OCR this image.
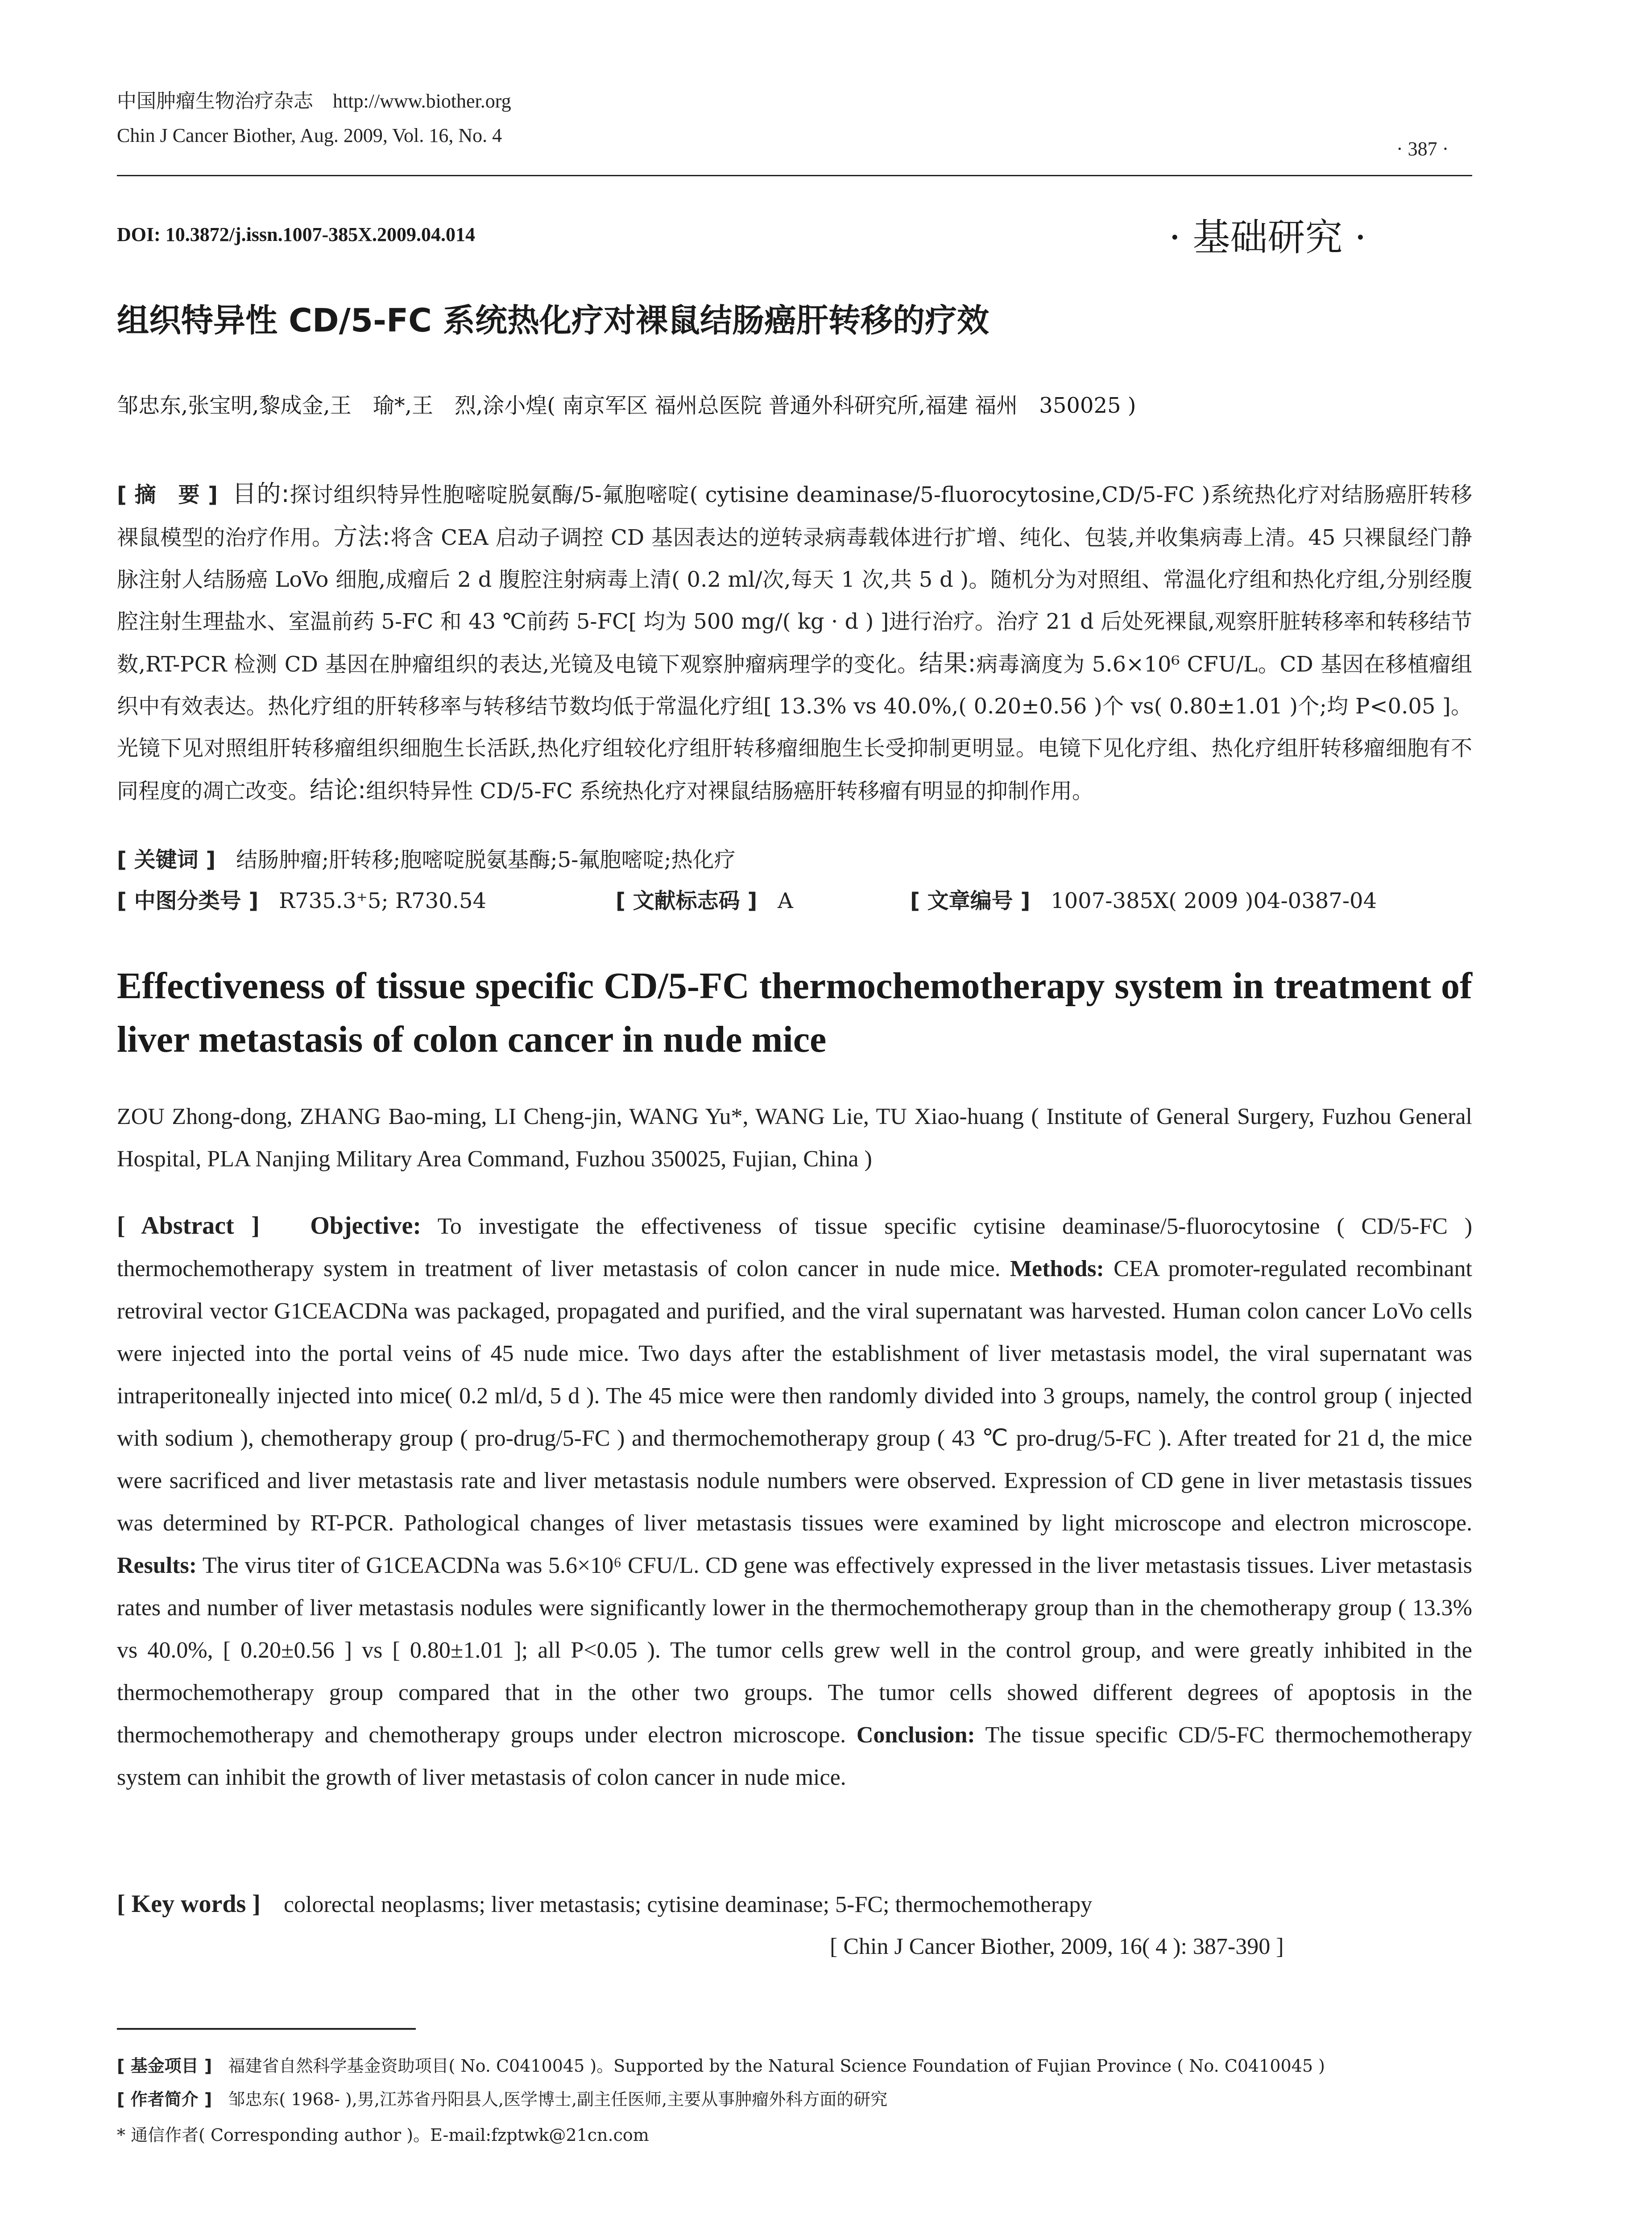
中国肿瘤生物治疗杂志 http://www.biother.org
Chin J Cancer Biother, Aug. 2009, Vol. 16, No. 4
· 387 ·
DOI: 10.3872/j.issn.1007-385X.2009.04.014	· 基础研究 ·
组织特异性 CD/5-FC 系统热化疗对裸鼠结肠癌肝转移的疗效
邹忠东,张宝明,黎成金,王　瑜*,王　烈,涂小煌( 南京军区 福州总医院 普通外科研究所,福建 福州　350025 )
[ 摘　要 ] 目的:探讨组织特异性胞嘧啶脱氨酶/5-氟胞嘧啶( cytisine deaminase/5-fluorocytosine,CD/5-FC )系统热化疗对结肠癌肝转移裸鼠模型的治疗作用。方法:将含 CEA 启动子调控 CD 基因表达的逆转录病毒载体进行扩增、纯化、包装,并收集病毒上清。45 只裸鼠经门静脉注射人结肠癌 LoVo 细胞,成瘤后 2 d 腹腔注射病毒上清( 0.2 ml/次,每天 1 次,共 5 d )。随机分为对照组、常温化疗组和热化疗组,分别经腹腔注射生理盐水、室温前药 5-FC 和 43 ℃前药 5-FC[ 均为 500 mg/( kg · d ) ]进行治疗。治疗 21 d 后处死裸鼠,观察肝脏转移率和转移结节数,RT-PCR 检测 CD 基因在肿瘤组织的表达,光镜及电镜下观察肿瘤病理学的变化。结果:病毒滴度为 5.6×10⁶ CFU/L。CD 基因在移植瘤组织中有效表达。热化疗组的肝转移率与转移结节数均低于常温化疗组[ 13.3% vs 40.0%,( 0.20±0.56 )个 vs( 0.80±1.01 )个;均 P<0.05 ]。光镜下见对照组肝转移瘤组织细胞生长活跃,热化疗组较化疗组肝转移瘤细胞生长受抑制更明显。电镜下见化疗组、热化疗组肝转移瘤细胞有不同程度的凋亡改变。结论:组织特异性 CD/5-FC 系统热化疗对裸鼠结肠癌肝转移瘤有明显的抑制作用。
[ 关键词 ] 结肠肿瘤;肝转移;胞嘧啶脱氨基酶;5-氟胞嘧啶;热化疗
[ 中图分类号 ] R735.3⁺5; R730.54	[ 文献标志码 ] A	[ 文章编号 ] 1007-385X( 2009 )04-0387-04
Effectiveness of tissue specific CD/5-FC thermochemotherapy system in treatment of liver metastasis of colon cancer in nude mice
ZOU Zhong-dong, ZHANG Bao-ming, LI Cheng-jin, WANG Yu*, WANG Lie, TU Xiao-huang ( Institute of General Surgery, Fuzhou General Hospital, PLA Nanjing Military Area Command, Fuzhou 350025, Fujian, China )
[ Abstract ] Objective: To investigate the effectiveness of tissue specific cytisine deaminase/5-fluorocytosine ( CD/5-FC ) thermochemotherapy system in treatment of liver metastasis of colon cancer in nude mice. Methods: CEA promoter-regulated recombinant retroviral vector G1CEACDNa was packaged, propagated and purified, and the viral supernatant was harvested. Human colon cancer LoVo cells were injected into the portal veins of 45 nude mice. Two days after the establishment of liver metastasis model, the viral supernatant was intraperitoneally injected into mice( 0.2 ml/d, 5 d ). The 45 mice were then randomly divided into 3 groups, namely, the control group ( injected with sodium ), chemotherapy group ( pro-drug/5-FC ) and thermochemotherapy group ( 43 ℃ pro-drug/5-FC ). After treated for 21 d, the mice were sacrificed and liver metastasis rate and liver metastasis nodule numbers were observed. Expression of CD gene in liver metastasis tissues was determined by RT-PCR. Pathological changes of liver metastasis tissues were examined by light microscope and electron microscope. Results: The virus titer of G1CEACDNa was 5.6×10⁶ CFU/L. CD gene was effectively expressed in the liver metastasis tissues. Liver metastasis rates and number of liver metastasis nodules were significantly lower in the thermochemotherapy group than in the chemotherapy group ( 13.3% vs 40.0%, [ 0.20±0.56 ] vs [ 0.80±1.01 ]; all P<0.05 ). The tumor cells grew well in the control group, and were greatly inhibited in the thermochemotherapy group compared that in the other two groups. The tumor cells showed different degrees of apoptosis in the thermochemotherapy and chemotherapy groups under electron microscope. Conclusion: The tissue specific CD/5-FC thermochemotherapy system can inhibit the growth of liver metastasis of colon cancer in nude mice.
[ Key words ] colorectal neoplasms; liver metastasis; cytisine deaminase; 5-FC; thermochemotherapy
[ Chin J Cancer Biother, 2009, 16( 4 ): 387-390 ]
[ 基金项目 ] 福建省自然科学基金资助项目( No. C0410045 )。Supported by the Natural Science Foundation of Fujian Province ( No. C0410045 )
[ 作者简介 ] 邹忠东( 1968- ),男,江苏省丹阳县人,医学博士,副主任医师,主要从事肿瘤外科方面的研究
* 通信作者( Corresponding author )。E-mail:fzptwk@21cn.com
